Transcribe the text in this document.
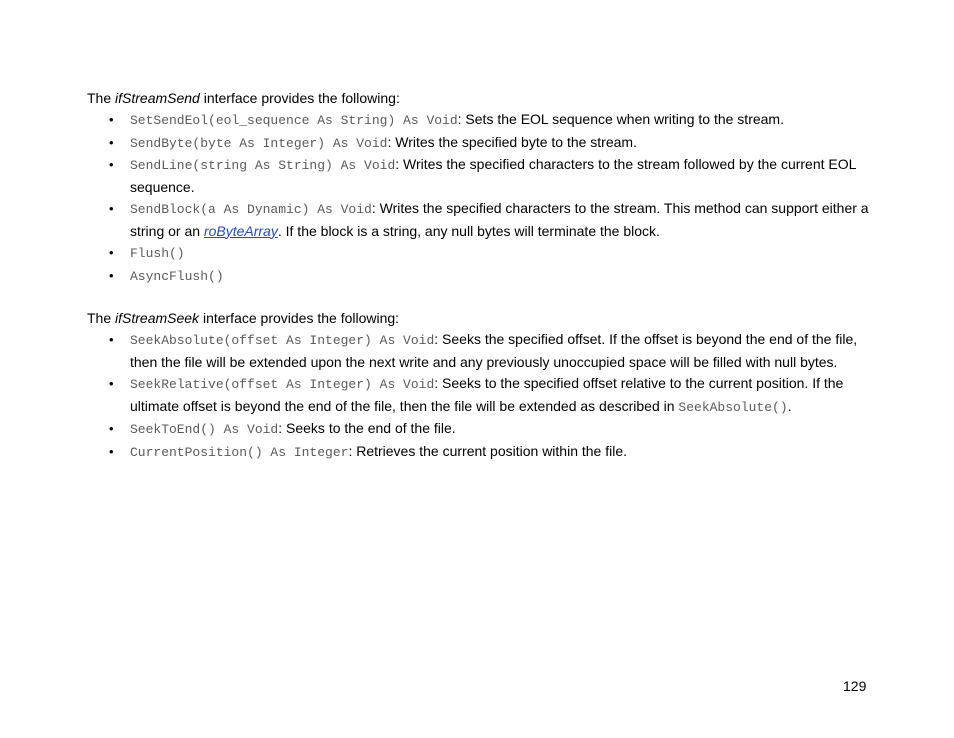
The ifStreamSend interface provides the following:

• SetSendEol(eol_sequence As String) As Void: Sets the EOL sequence when writing to the stream.
• SendByte(byte As Integer) As Void: Writes the specified byte to the stream.
• SendLine(string As String) As Void: Writes the specified characters to the stream followed by the current EOL sequence.
• SendBlock(a As Dynamic) As Void: Writes the specified characters to the stream. This method can support either a string or an roByteArray. If the block is a string, any null bytes will terminate the block.
• Flush()
• AsyncFlush()

The ifStreamSeek interface provides the following:

• SeekAbsolute(offset As Integer) As Void: Seeks the specified offset. If the offset is beyond the end of the file, then the file will be extended upon the next write and any previously unoccupied space will be filled with null bytes.
• SeekRelative(offset As Integer) As Void: Seeks to the specified offset relative to the current position. If the ultimate offset is beyond the end of the file, then the file will be extended as described in SeekAbsolute().
• SeekToEnd() As Void: Seeks to the end of the file.
• CurrentPosition() As Integer: Retrieves the current position within the file.
129
